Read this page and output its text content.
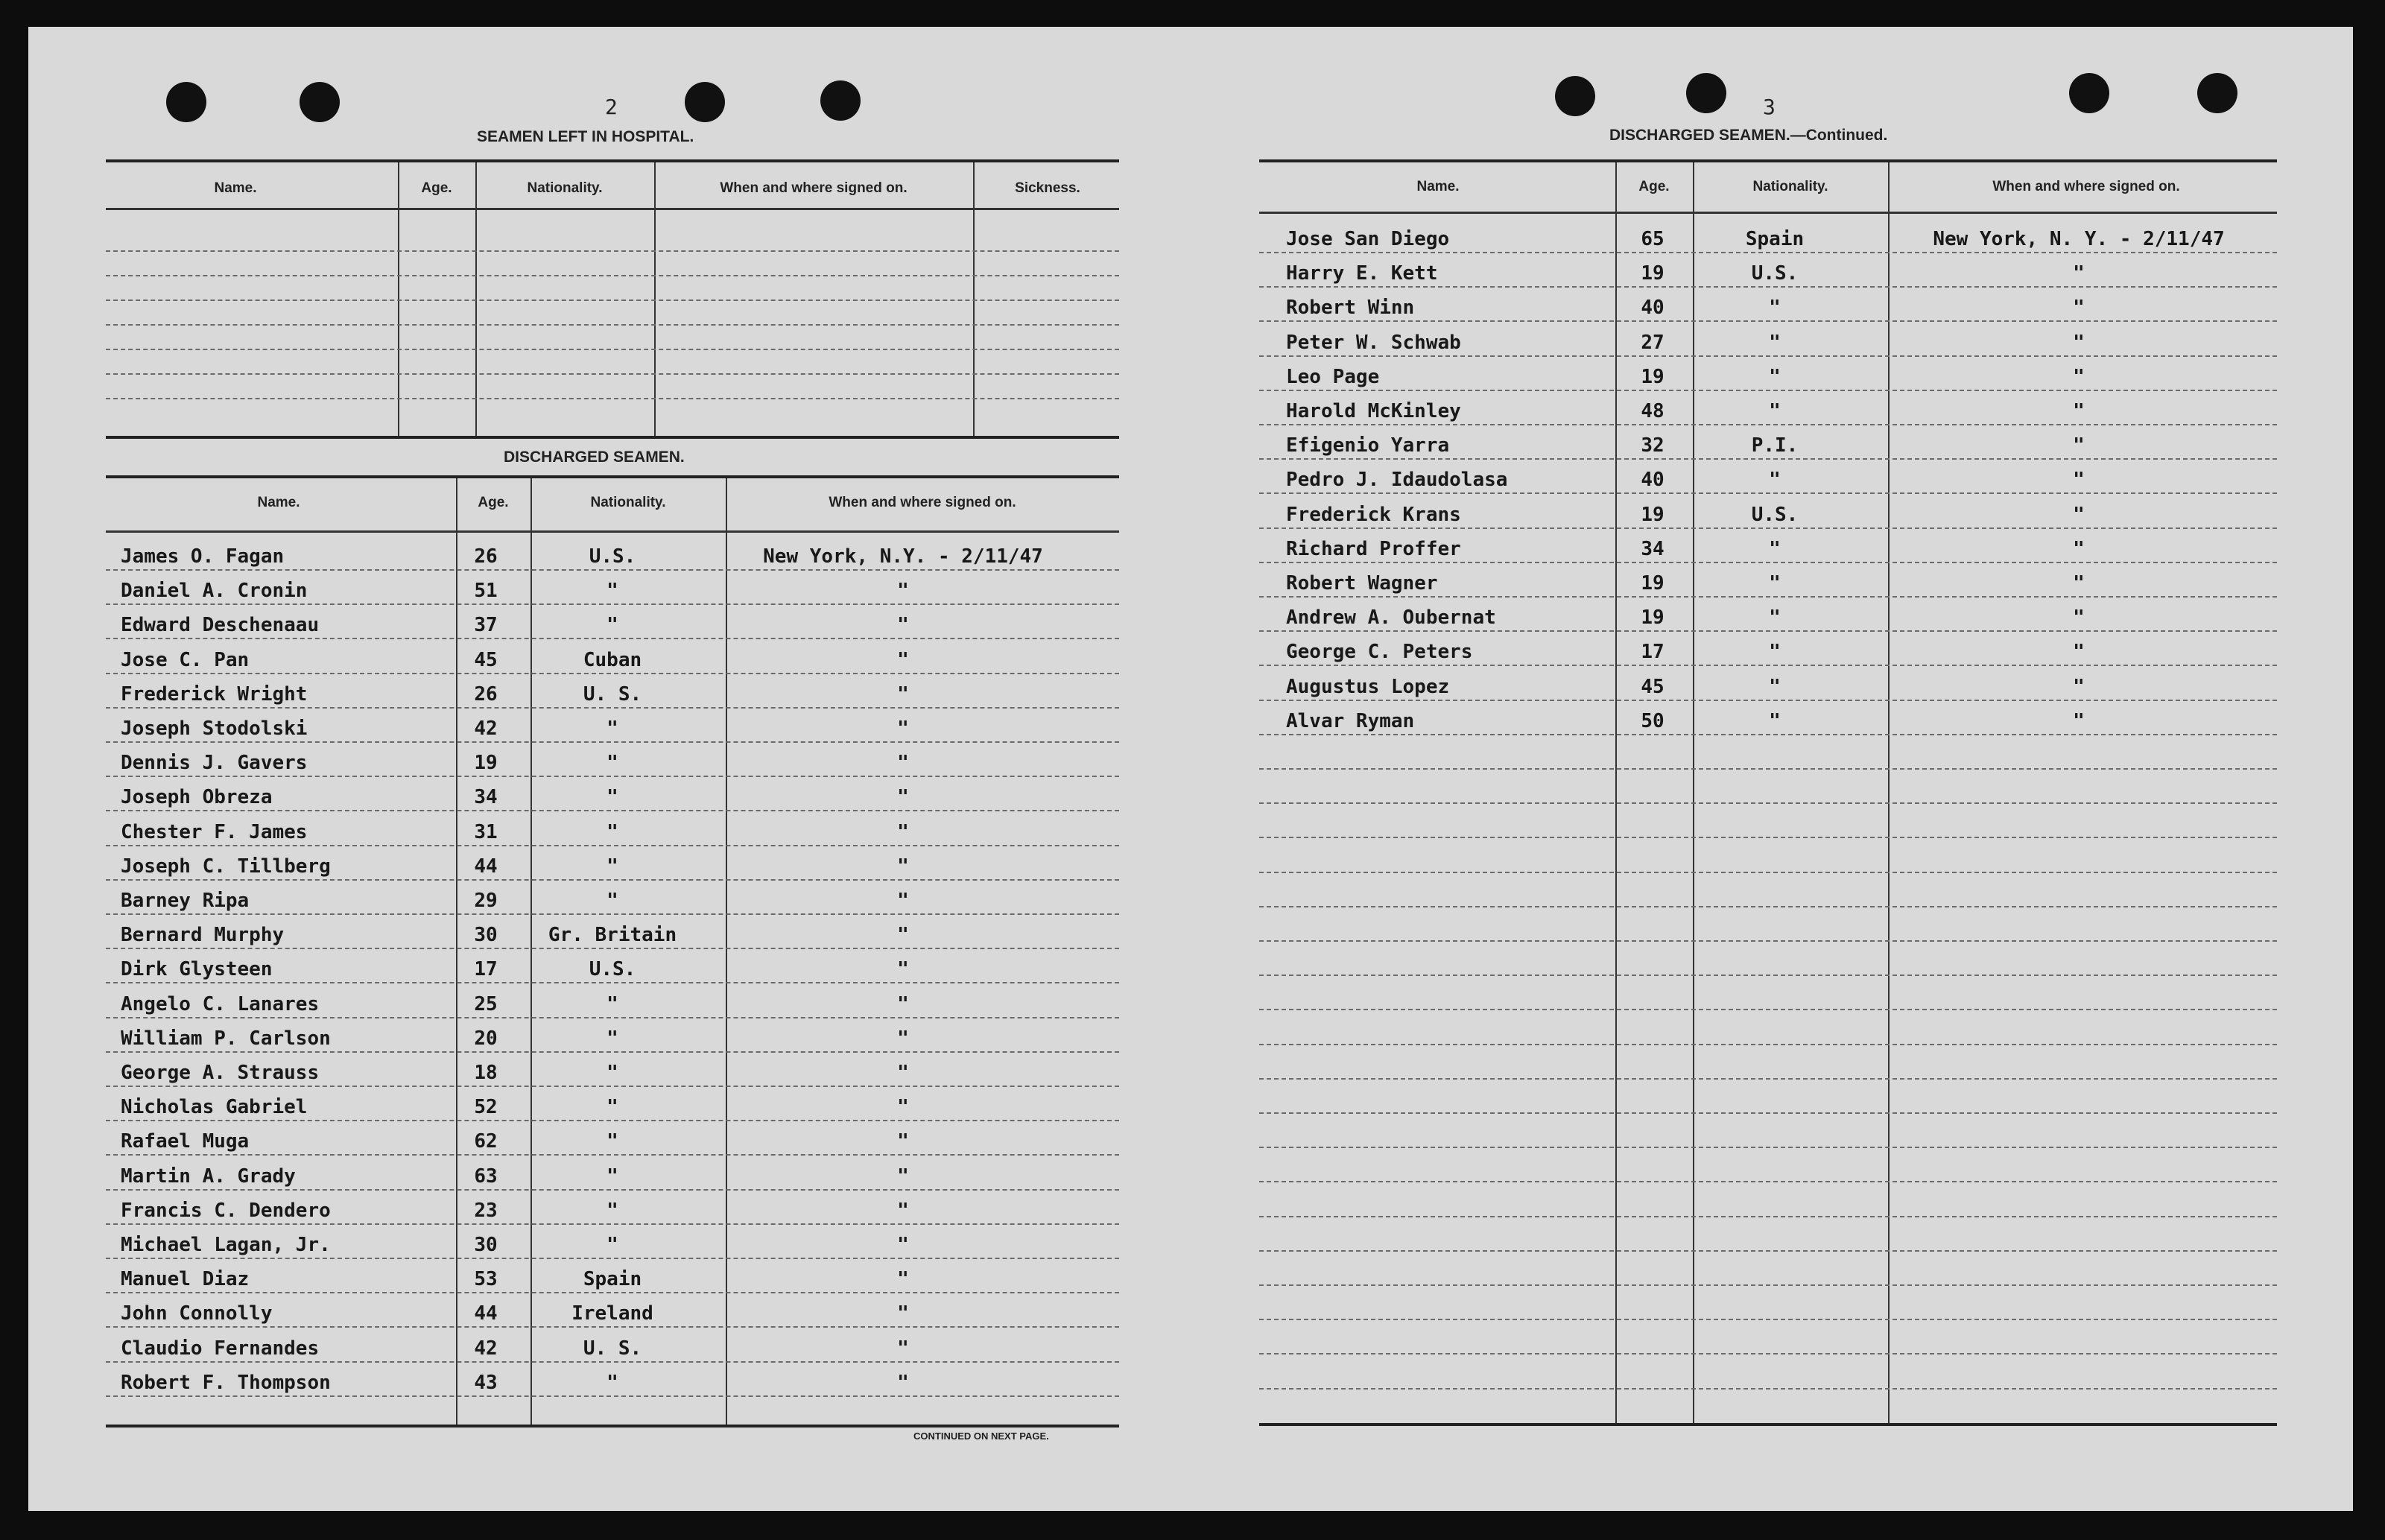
2	3
SEAMEN LEFT IN HOSPITAL.	DISCHARGED SEAMEN.—Continued.
Name.	Age.	Nationality.	When and where signed on.	Sickness.
DISCHARGED SEAMEN.
Name.	Age.	Nationality.	When and where signed on.
James O. Fagan	26	U.S.	New York, N.Y. - 2/11/47
Daniel A. Cronin	51	"	"
Edward Deschenaau	37	"	"
Jose C. Pan	45	Cuban	"
Frederick Wright	26	U. S.	"
Joseph Stodolski	42	"	"
Dennis J. Gavers	19	"	"
Joseph Obreza	34	"	"
Chester F. James	31	"	"
Joseph C. Tillberg	44	"	"
Barney Ripa	29	"	"
Bernard Murphy	30	Gr. Britain	"
Dirk Glysteen	17	U.S.	"
Angelo C. Lanares	25	"	"
William P. Carlson	20	"	"
George A. Strauss	18	"	"
Nicholas Gabriel	52	"	"
Rafael Muga	62	"	"
Martin A. Grady	63	"	"
Francis C. Dendero	23	"	"
Michael Lagan, Jr.	30	"	"
Manuel Diaz	53	Spain	"
John Connolly	44	Ireland	"
Claudio Fernandes	42	U. S.	"
Robert F. Thompson	43	"	"
CONTINUED ON NEXT PAGE.
Name.	Age.	Nationality.	When and where signed on.
Jose San Diego	65	Spain	New York, N. Y. - 2/11/47
Harry E. Kett	19	U.S.	"
Robert Winn	40	"	"
Peter W. Schwab	27	"	"
Leo Page	19	"	"
Harold McKinley	48	"	"
Efigenio Yarra	32	P.I.	"
Pedro J. Idaudolasa	40	"	"
Frederick Krans	19	U.S.	"
Richard Proffer	34	"	"
Robert Wagner	19	"	"
Andrew A. Oubernat	19	"	"
George C. Peters	17	"	"
Augustus Lopez	45	"	"
Alvar Ryman	50	"	"
